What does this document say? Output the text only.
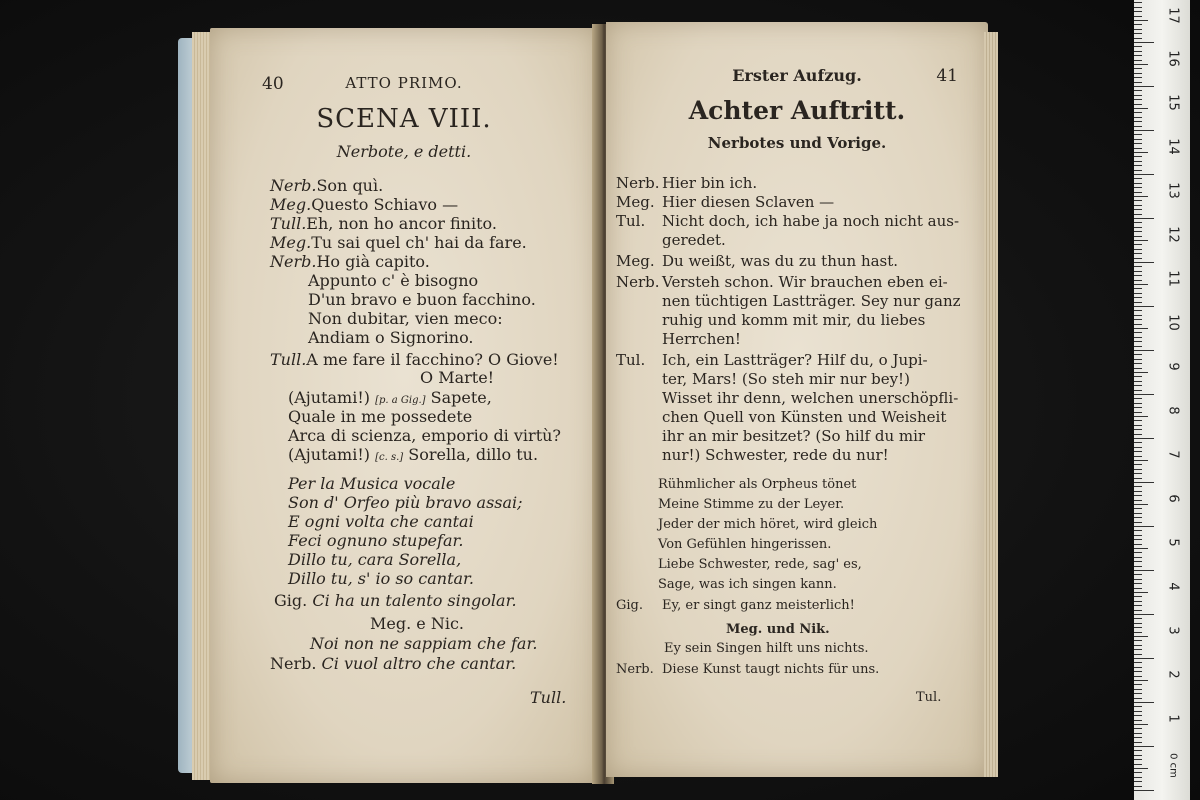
40	ATTO PRIMO.
SCENA VIII.
Nerbote, e detti.
Nerb.Son quì.
Meg.Questo Schiavo —
Tull.Eh, non ho ancor finito.
Meg.Tu sai quel ch' hai da fare.
Nerb.Ho già capito.
Appunto c' è bisogno
D'un bravo e buon facchino.
Non dubitar, vien meco:
Andiam o Signorino.
Tull.A me fare il facchino? O Giove!
O Marte!
(Ajutami!) [p. a Gig.] Sapete,
Quale in me possedete
Arca di scienza, emporio di virtù?
(Ajutami!) [c. s.] Sorella, dillo tu.
Per la Musica vocale
Son d' Orfeo più bravo assai;
E ogni volta che cantai
Feci ognuno stupefar.
Dillo tu, cara Sorella,
Dillo tu, s' io so cantar.
Gig. Ci ha un talento singolar.
Meg. e Nic.
Noi non ne sappiam che far.
Nerb. Ci vuol altro che cantar.
Tull.
Erster Aufzug.	41
Achter Auftritt.
Nerbotes und Vorige.
Nerb. Hier bin ich.
Meg. Hier diesen Sclaven —
Tul. Nicht doch, ich habe ja noch nicht aus-
geredet.
Meg. Du weißt, was du zu thun hast.
Nerb. Versteh schon. Wir brauchen eben ei-
nen tüchtigen Lastträger. Sey nur ganz
ruhig und komm mit mir, du liebes
Herrchen!
Tul. Ich, ein Lastträger? Hilf du, o Jupi-
ter, Mars! (So steh mir nur bey!)
Wisset ihr denn, welchen unerschöpfli-
chen Quell von Künsten und Weisheit
ihr an mir besitzet? (So hilf du mir
nur!) Schwester, rede du nur!
Rühmlicher als Orpheus tönet
Meine Stimme zu der Leyer.
Jeder der mich höret, wird gleich
Von Gefühlen hingerissen.
Liebe Schwester, rede, sag' es,
Sage, was ich singen kann.
Gig. Ey, er singt ganz meisterlich!
Meg. und Nik.
Ey sein Singen hilft uns nichts.
Nerb. Diese Kunst taugt nichts für uns.
Tul.
17
16
15
14
13
12
11
10
9
8
7
6
5
4
3
2
1
0 cm
